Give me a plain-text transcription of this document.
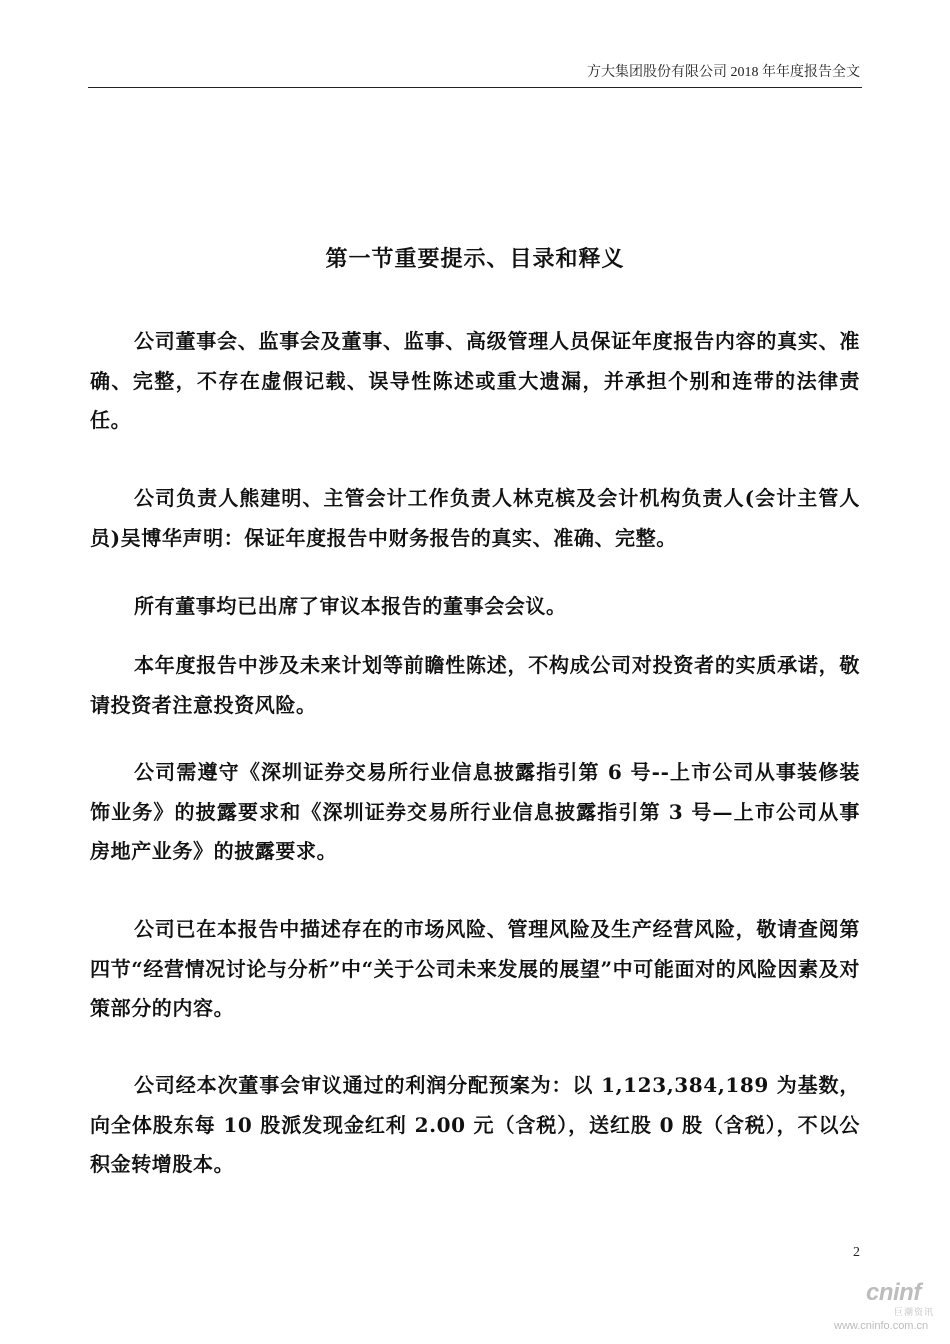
方大集团股份有限公司 2018 年年度报告全文
第一节重要提示、目录和释义
公司董事会、监事会及董事、监事、高级管理人员保证年度报告内容的真实、准确、完整，不存在虚假记载、误导性陈述或重大遗漏，并承担个别和连带的法律责任。
公司负责人熊建明、主管会计工作负责人林克槟及会计机构负责人(会计主管人员)吴博华声明：保证年度报告中财务报告的真实、准确、完整。
所有董事均已出席了审议本报告的董事会会议。
本年度报告中涉及未来计划等前瞻性陈述，不构成公司对投资者的实质承诺，敬请投资者注意投资风险。
公司需遵守《深圳证券交易所行业信息披露指引第 6 号--上市公司从事装修装饰业务》的披露要求和《深圳证券交易所行业信息披露指引第 3 号—上市公司从事房地产业务》的披露要求。
公司已在本报告中描述存在的市场风险、管理风险及生产经营风险，敬请查阅第四节“经营情况讨论与分析”中“关于公司未来发展的展望”中可能面对的风险因素及对策部分的内容。
公司经本次董事会审议通过的利润分配预案为：以 1,123,384,189 为基数，向全体股东每 10 股派发现金红利 2.00 元（含税），送红股 0 股（含税），不以公积金转增股本。
2
cninf
巨潮资讯
www.cninfo.com.cn
